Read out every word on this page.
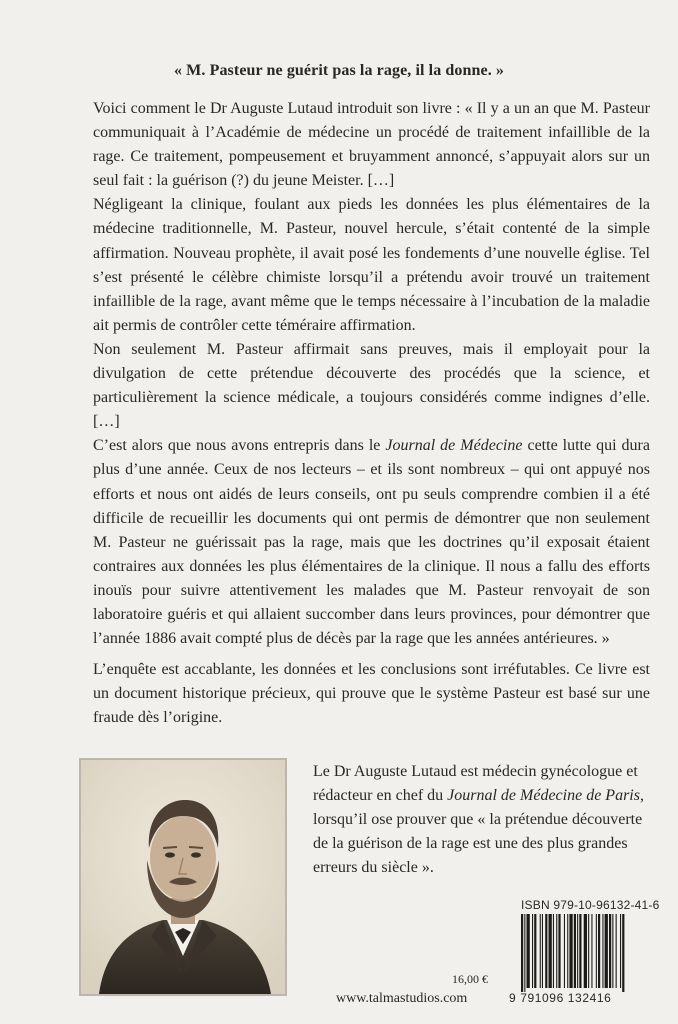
« M. Pasteur ne guérit pas la rage, il la donne. »

Voici comment le Dr Auguste Lutaud introduit son livre : « Il y a un an que M. Pasteur communiquait à l’Académie de médecine un procédé de traitement infaillible de la rage. Ce traitement, pompeusement et bruyamment annoncé, s’appuyait alors sur un seul fait : la guérison (?) du jeune Meister. […]

Négligeant la clinique, foulant aux pieds les données les plus élémentaires de la médecine traditionnelle, M. Pasteur, nouvel hercule, s’était contenté de la simple affirmation. Nouveau prophète, il avait posé les fondements d’une nouvelle église. Tel s’est présenté le célèbre chimiste lorsqu’il a prétendu avoir trouvé un traitement infaillible de la rage, avant même que le temps nécessaire à l’incubation de la maladie ait permis de contrôler cette téméraire affirmation.

Non seulement M. Pasteur affirmait sans preuves, mais il employait pour la divulgation de cette prétendue découverte des procédés que la science, et particulièrement la science médicale, a toujours considérés comme indignes d’elle. […]

C’est alors que nous avons entrepris dans le Journal de Médecine cette lutte qui dura plus d’une année. Ceux de nos lecteurs – et ils sont nombreux – qui ont appuyé nos efforts et nous ont aidés de leurs conseils, ont pu seuls comprendre combien il a été difficile de recueillir les documents qui ont permis de démontrer que non seulement M. Pasteur ne guérissait pas la rage, mais que les doctrines qu’il exposait étaient contraires aux données les plus élémentaires de la clinique. Il nous a fallu des efforts inouïs pour suivre attentivement les malades que M. Pasteur renvoyait de son laboratoire guéris et qui allaient succomber dans leurs provinces, pour démontrer que l’année 1886 avait compté plus de décès par la rage que les années antérieures. »

L’enquête est accablante, les données et les conclusions sont irréfutables. Ce livre est un document historique précieux, qui prouve que le système Pasteur est basé sur une fraude dès l’origine.

Le Dr Auguste Lutaud est médecin gynécologue et rédacteur en chef du Journal de Médecine de Paris, lorsqu’il ose prouver que « la prétendue découverte de la guérison de la rage est une des plus grandes erreurs du siècle ».

ISBN 979-10-96132-41-6
9 791096 132416
16,00 €
www.talmastudios.com
